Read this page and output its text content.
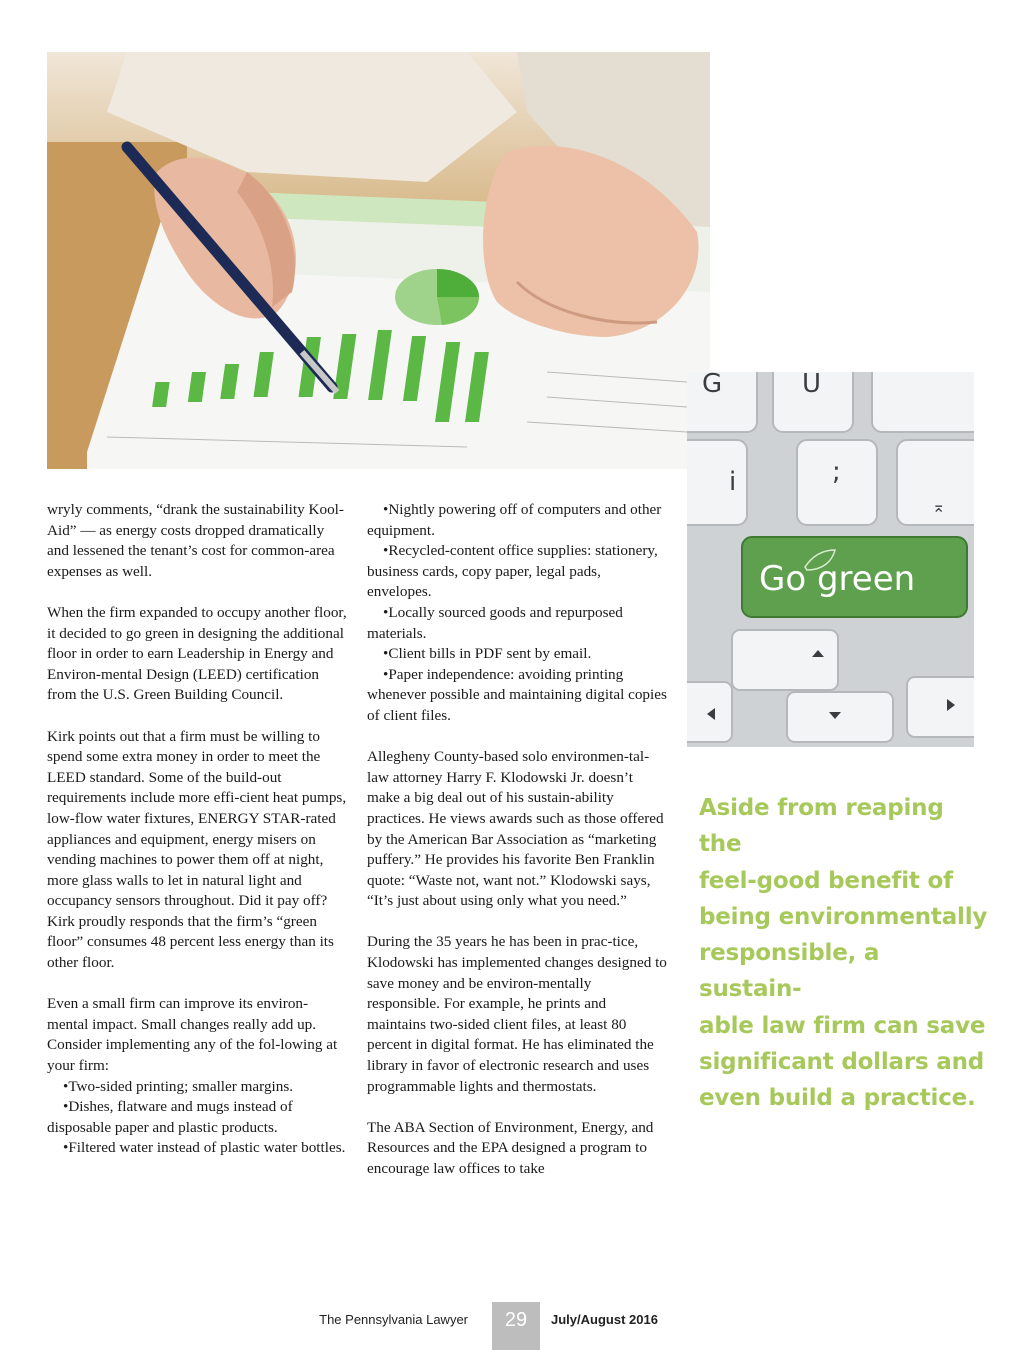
G	U
i	;
⌅
Go green

wryly comments, “drank the sustainability Kool-Aid” — as energy costs dropped dramatically and lessened the tenant’s cost for common-area expenses as well.

When the firm expanded to occupy another floor, it decided to go green in designing the additional floor in order to earn Leadership in Energy and Environ-mental Design (LEED) certification from the U.S. Green Building Council.

Kirk points out that a firm must be willing to spend some extra money in order to meet the LEED standard. Some of the build-out requirements include more effi-cient heat pumps, low-flow water fixtures, ENERGY STAR-rated appliances and equipment, energy misers on vending machines to power them off at night, more glass walls to let in natural light and occupancy sensors throughout. Did it pay off? Kirk proudly responds that the firm’s “green floor” consumes 48 percent less energy than its other floor.

Even a small firm can improve its environ-mental impact. Small changes really add up. Consider implementing any of the fol-lowing at your firm:

•Two-sided printing; smaller margins.

•Dishes, flatware and mugs instead of disposable paper and plastic products.

•Filtered water instead of plastic water bottles.

•Nightly powering off of computers and other equipment.

•Recycled-content office supplies: stationery, business cards, copy paper, legal pads, envelopes.

•Locally sourced goods and repurposed materials.

•Client bills in PDF sent by email.

•Paper independence: avoiding printing whenever possible and maintaining digital copies of client files.

Allegheny County-based solo environmen-tal-law attorney Harry F. Klodowski Jr. doesn’t make a big deal out of his sustain-ability practices. He views awards such as those offered by the American Bar Association as “marketing puffery.” He provides his favorite Ben Franklin quote: “Waste not, want not.” Klodowski says, “It’s just about using only what you need.”

During the 35 years he has been in prac-tice, Klodowski has implemented changes designed to save money and be environ-mentally responsible. For example, he prints and maintains two-sided client files, at least 80 percent in digital format. He has eliminated the library in favor of electronic research and uses programmable lights and thermostats.

The ABA Section of Environment, Energy, and Resources and the EPA designed a program to encourage law offices to take

Aside from reaping the
feel-good benefit of
being environmentally
responsible, a sustain-
able law firm can save
significant dollars and
even build a practice.
The Pennsylvania Lawyer	29	July/August 2016
